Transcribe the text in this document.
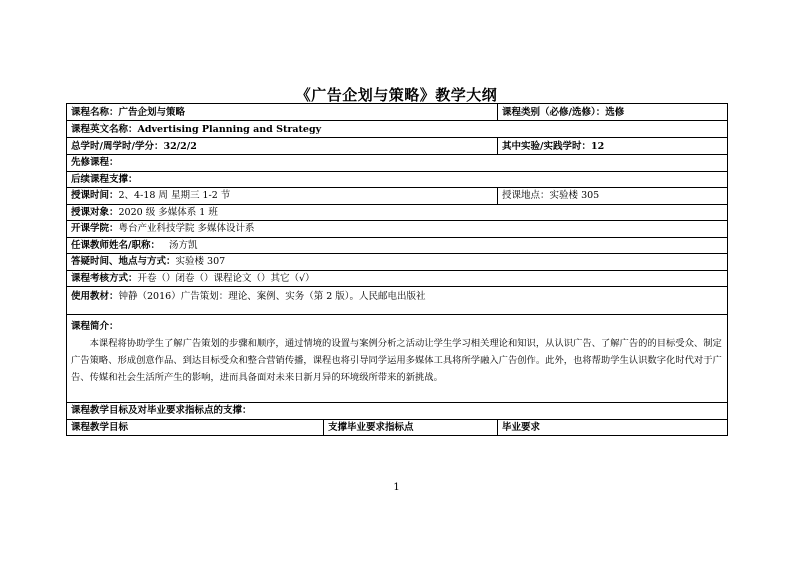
《广告企划与策略》教学大纲
课程名称：广告企划与策略		课程类别（必修/选修）：选修
课程英文名称：Advertising Planning and Strategy		
总学时/周学时/学分：32/2/2		其中实验/实践学时：12
先修课程：		
后续课程支撑：		
授课时间：2、4-18 周 星期三 1-2 节		授课地点：实验楼 305
授课对象：2020 级 多媒体系 1 班		
开课学院：粤台产业科技学院 多媒体设计系		
任课教师姓名/职称： 汤方凯		
答疑时间、地点与方式：实验楼 307		
课程考核方式：开卷（）闭卷（）课程论文（）其它（√）		
使用教材：钟静（2016）广告策划：理论、案例、实务（第 2 版）。人民邮电出版社		

课程简介：
本课程将协助学生了解广告策划的步骤和顺序，通过情境的设置与案例分析之活动让学生学习相关理论和知识，从认识广告、了解广告的的目标受众、制定广告策略、形成创意作品、到达目标受众和整合营销传播，课程也将引导同学运用多媒体工具将所学融入广告创作。此外，也将帮助学生认识数字化时代对于广告、传媒和社会生活所产生的影响，进而具备面对未来日新月异的环境级所带来的新挑战。		

课程教学目标及对毕业要求指标点的支撑：		
课程教学目标	支撑毕业要求指标点	毕业要求
1
